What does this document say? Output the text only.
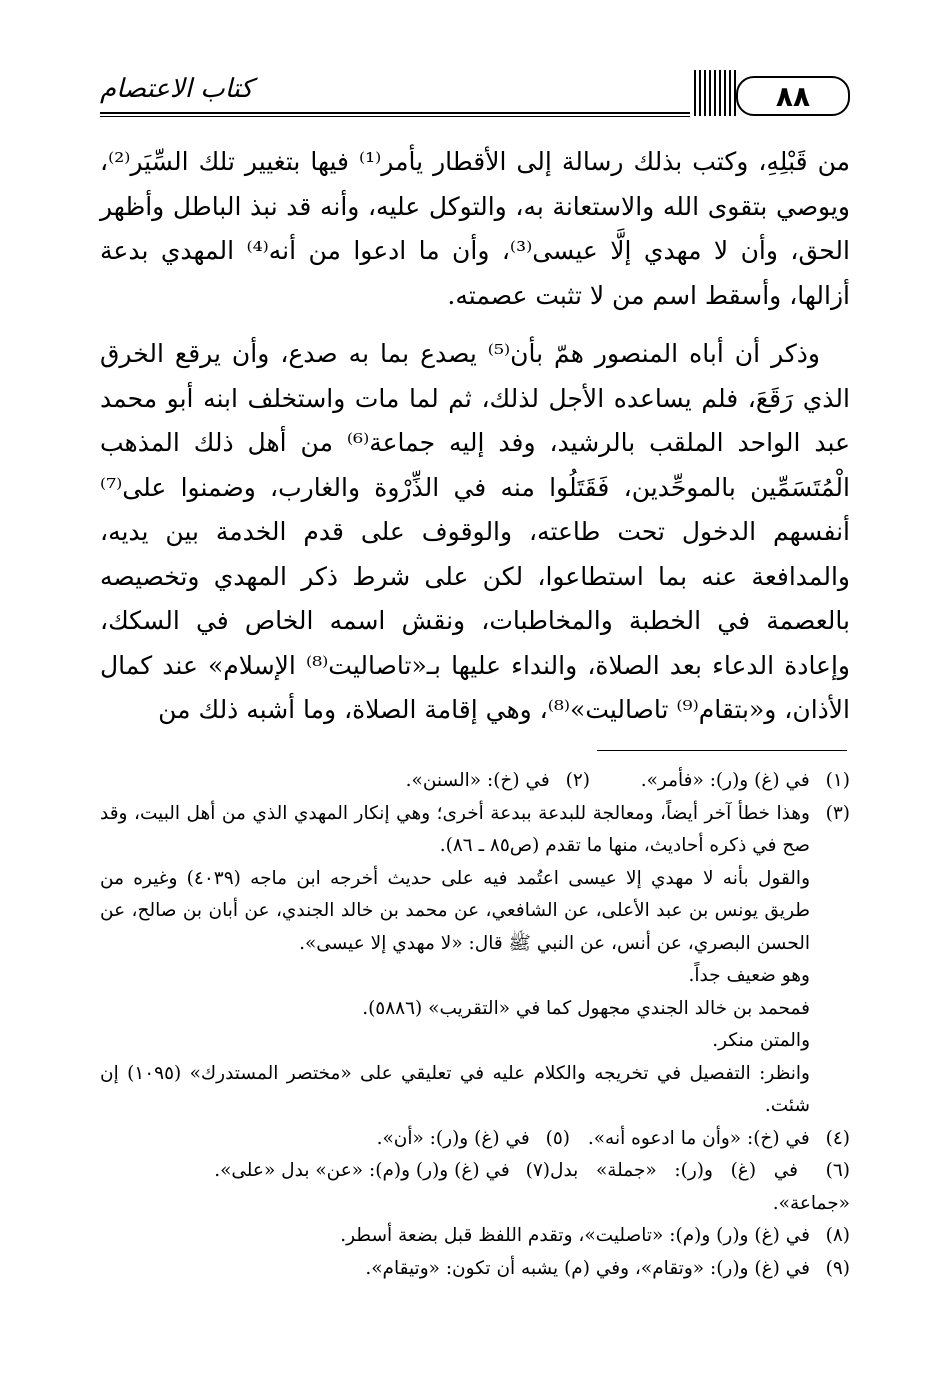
كتاب الاعتصام	٨٨

من قَبْلِهِ، وكتب بذلك رسالة إلى الأقطار يأمر⁽¹⁾ فيها بتغيير تلك السِّيَر⁽²⁾، ويوصي بتقوى الله والاستعانة به، والتوكل عليه، وأنه قد نبذ الباطل وأظهر الحق، وأن لا مهدي إلَّا عيسى⁽³⁾، وأن ما ادعوا من أنه⁽⁴⁾ المهدي بدعة أزالها، وأسقط اسم من لا تثبت عصمته.

وذكر أن أباه المنصور همّ بأن⁽⁵⁾ يصدع بما به صدع، وأن يرقع الخرق الذي رَقَعَ، فلم يساعده الأجل لذلك، ثم لما مات واستخلف ابنه أبو محمد عبد الواحد الملقب بالرشيد، وفد إليه جماعة⁽⁶⁾ من أهل ذلك المذهب الْمُتَسَمِّين بالموحِّدين، فَقَتَلُوا منه في الذِّرْوة والغارب، وضمنوا على⁽⁷⁾ أنفسهم الدخول تحت طاعته، والوقوف على قدم الخدمة بين يديه، والمدافعة عنه بما استطاعوا، لكن على شرط ذكر المهدي وتخصيصه بالعصمة في الخطبة والمخاطبات، ونقش اسمه الخاص في السكك، وإعادة الدعاء بعد الصلاة، والنداء عليها بـ«تاصاليت⁽⁸⁾ الإسلام» عند كمال الأذان، و«بتقام⁽⁹⁾ تاصاليت»⁽⁸⁾، وهي إقامة الصلاة، وما أشبه ذلك من

(١) في (غ) و(ر): «فأمر».
(٢) في (خ): «السنن».
(٣)
وهذا خطأ آخر أيضاً، ومعالجة للبدعة ببدعة أخرى؛ وهي إنكار المهدي الذي من أهل البيت، وقد صح في ذكره أحاديث، منها ما تقدم (ص٨٥ ـ ٨٦).
والقول بأنه لا مهدي إلا عيسى اعتُمد فيه على حديث أخرجه ابن ماجه (٤٠٣٩) وغيره من طريق يونس بن عبد الأعلى، عن الشافعي، عن محمد بن خالد الجندي، عن أبان بن صالح، عن الحسن البصري، عن أنس، عن النبي ﷺ قال: «لا مهدي إلا عيسى».
وهو ضعيف جداً.
فمحمد بن خالد الجندي مجهول كما في «التقريب» (٥٨٨٦).
والمتن منكر.
وانظر: التفصيل في تخريجه والكلام عليه في تعليقي على «مختصر المستدرك» (١٠٩٥) إن شئت.
(٤) في (خ): «وأن ما ادعوه أنه».
(٥) في (غ) و(ر): «أن».
(٦) في (غ) و(ر): «جملة» بدل «جماعة».
(٧) في (غ) و(ر) و(م): «عن» بدل «على».
(٨)
في (غ) و(ر) و(م): «تاصليت»، وتقدم اللفظ قبل بضعة أسطر.
(٩)
في (غ) و(ر): «وتقام»، وفي (م) يشبه أن تكون: «وتيقام».
